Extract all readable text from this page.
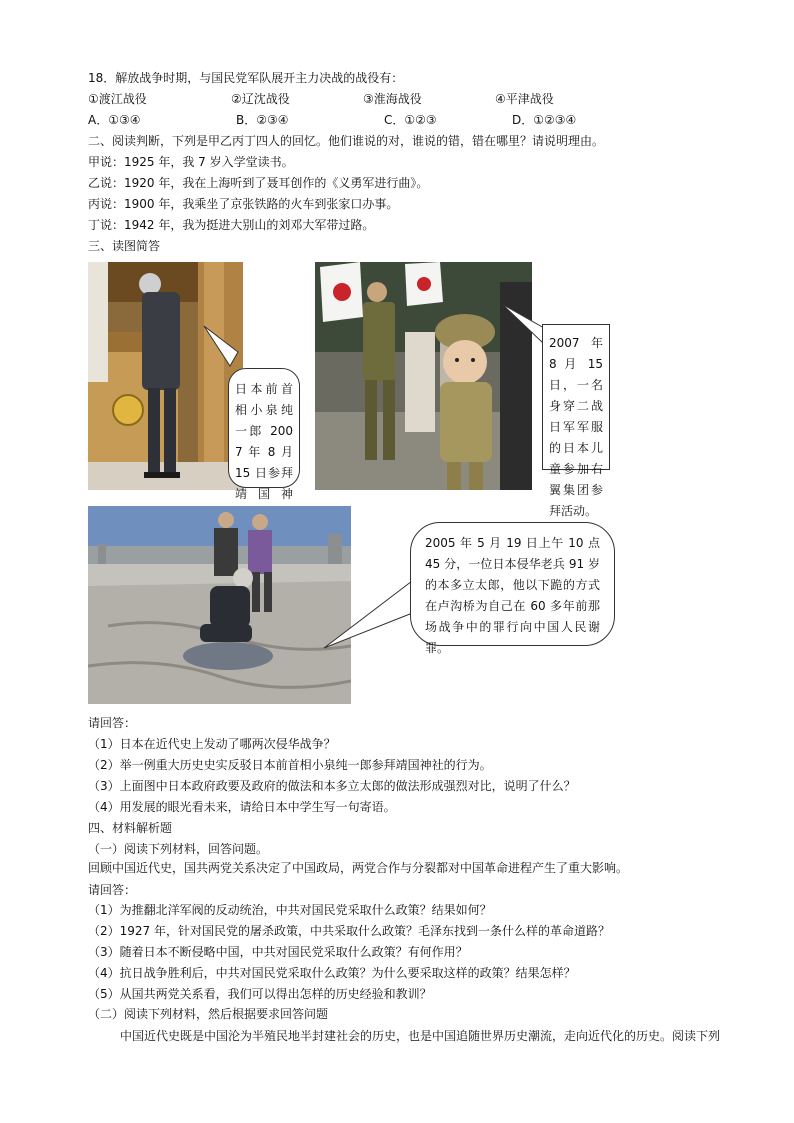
18．解放战争时期，与国民党军队展开主力决战的战役有：
①渡江战役	②辽沈战役	③淮海战役	④平津战役
A．①③④	B．②③④	C．①②③	D．①②③④
二、阅读判断，下列是甲乙丙丁四人的回忆。他们谁说的对，谁说的错，错在哪里？请说明理由。
甲说：1925 年，我 7 岁入学堂读书。
乙说：1920 年，我在上海听到了聂耳创作的《义勇军进行曲》。
丙说：1900 年，我乘坐了京张铁路的火车到张家口办事。
丁说：1942 年，我为挺进大别山的刘邓大军带过路。
三、读图简答
日本前首相小泉纯一郎 2007 年 8 月 15 日参拜靖国神
2007 年 8 月 15 日，一名身穿二战日军军服的日本儿童参加右翼集团参拜活动。
2005 年 5 月 19 日上午 10 点 45 分，一位日本侵华老兵 91 岁的本多立太郎，他以下跪的方式在卢沟桥为自己在 60 多年前那场战争中的罪行向中国人民谢罪。
请回答：
（1）日本在近代史上发动了哪两次侵华战争？
（2）举一例重大历史史实反驳日本前首相小泉纯一郎参拜靖国神社的行为。
（3）上面图中日本政府政要及政府的做法和本多立太郎的做法形成强烈对比，说明了什么？
（4）用发展的眼光看未来，请给日本中学生写一句寄语。
四、材料解析题
（一）阅读下列材料，回答问题。
回顾中国近代史，国共两党关系决定了中国政局，两党合作与分裂都对中国革命进程产生了重大影响。
请回答：
（1）为推翻北洋军阀的反动统治，中共对国民党采取什么政策？结果如何？
（2）1927 年，针对国民党的屠杀政策，中共采取什么政策？毛泽东找到一条什么样的革命道路？
（3）随着日本不断侵略中国，中共对国民党采取什么政策？有何作用？
（4）抗日战争胜利后，中共对国民党采取什么政策？为什么要采取这样的政策？结果怎样？
（5）从国共两党关系看，我们可以得出怎样的历史经验和教训？
（二）阅读下列材料，然后根据要求回答问题
中国近代史既是中国沦为半殖民地半封建社会的历史，也是中国追随世界历史潮流，走向近代化的历史。阅读下列
